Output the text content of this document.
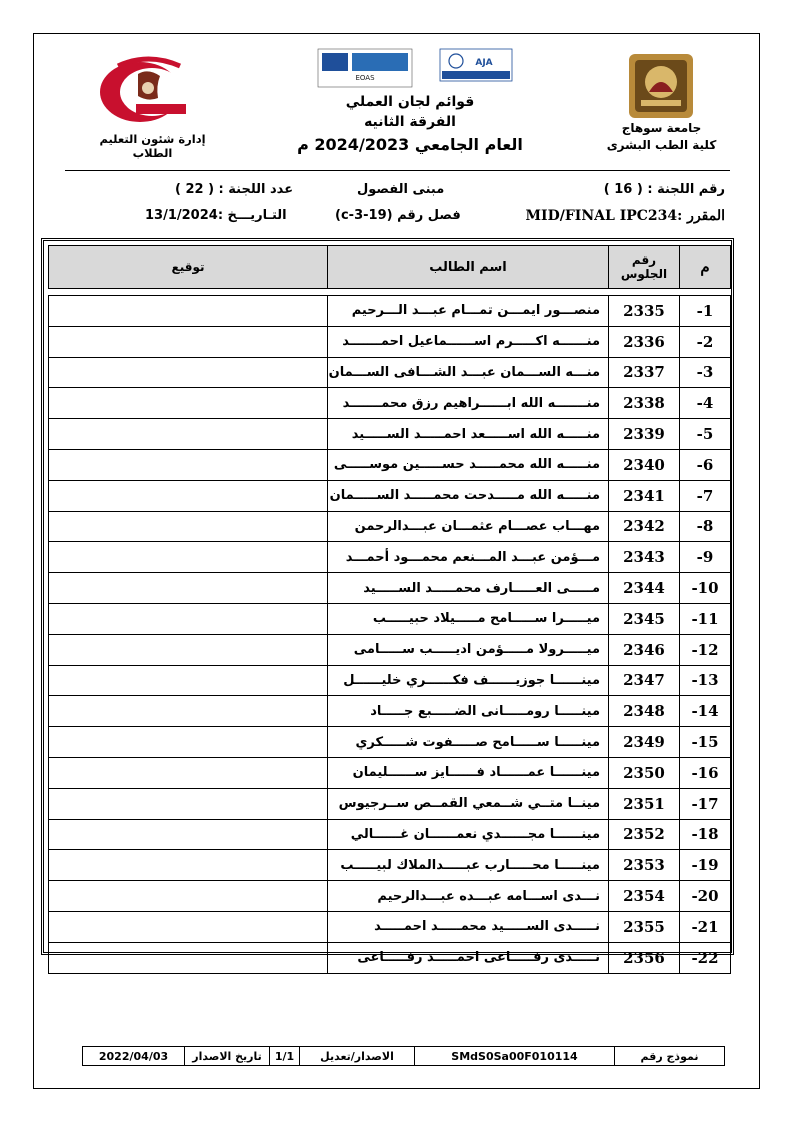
EOAS
AJA
إدارة شئون التعليم الطلاب
جامعة سوهاج
كلية الطب البشرى
قوائم لجان العملي
الفرقة الثانيه
العام الجامعي 2024/2023 م
رقم اللجنة : ( 16 )
مبنى الفصول
عدد اللجنة : ( 22 )
المقرر :MID/FINAL IPC234
فصل رقم (19-3-c)
التـاريـــخ :13/1/2024
م	رقم الجلوس	اسم الطالب	توقيع

-1	2335	منصـــور ايمـــن تمـــام عبـــد الـــرحيم	
-2	2336	منــــــه اكـــــرم اســــــماعيل احمـــــــد	
-3	2337	منـــه الســـمان عبـــد الشـــافى الســـمان	
-4	2338	منـــــــه الله ابــــــراهيم رزق محمـــــــد	
-5	2339	منـــــه الله اســـــعد احمـــــد الســـــيد	
-6	2340	منـــــه الله محمـــــد حســـــين موســـــى	
-7	2341	منـــــه الله مـــــدحت محمـــــد الســـــمان	
-8	2342	مهـــاب عصـــام عثمـــان عبـــدالرحمن	
-9	2343	مـــؤمن عبـــد المـــنعم محمـــود أحمـــد	
-10	2344	مـــــى العـــــارف محمـــــد الســـــيد	
-11	2345	ميـــــرا ســـــامح مـــــيلاد حبيـــــب	
-12	2346	ميـــــرولا مـــــؤمن اديـــــب ســـــامى	
-13	2347	مينــــــا جوزيــــــف فكــــــري خليــــــل	
-14	2348	مينـــــا رومـــــانى الضـــــبع جـــــاد	
-15	2349	مينـــــا ســـــامح صـــــفوت شـــــكري	
-16	2350	مينــــــا عمــــــاد فــــــايز ســــــليمان	
-17	2351	مينــا متــي شــمعي القمــص ســرجيوس	
-18	2352	مينــــــا مجــــــدي نعمــــــان غــــــالي	
-19	2353	مينـــــا محـــــارب عبـــــدالملاك لبيـــــب	
-20	2354	نـــدى اســـامه عبـــده عبـــدالرحيم	
-21	2355	نـــــدى الســـــيد محمـــــد احمـــــد	
-22	2356	نـــــدى رفـــــاعى احمـــــد رفـــــاعى	
نموذج رقم
SMdS0Sa00F010114
الاصدار/تعديل
1/1
تاريخ الاصدار
2022/04/03
